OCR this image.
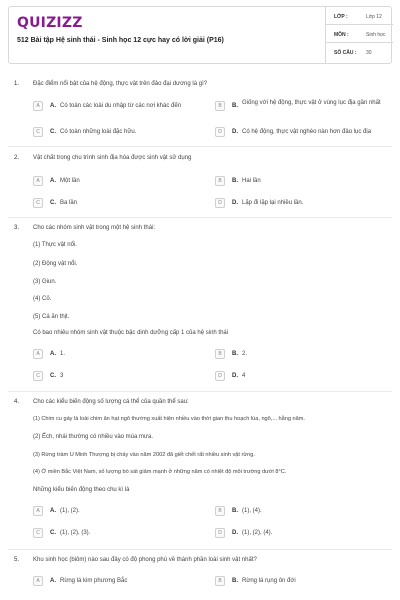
QUIZIZZ
512 Bài tập Hệ sinh thái - Sinh học 12 cực hay có lời giải (P16)
LỚP :	Lớp 12
MÔN :	Sinh học
SỐ CÂU : 30
1. Đặc điểm nổi bật của hệ động, thực vật trên đảo đại dương là gì?
A	A. Có toàn các loài du nhập từ các nơi khác đến	B	B. Giống với hệ động, thực vật ở vùng lục địa gần nhất
C	C. Có toàn những loài đặc hữu.	D	D. Có hệ động, thực vật nghèo nàn hơn đảo lục địa
2. Vật chất trong chu trình sinh địa hóa được sinh vật sử dụng
A	A. Một lần	B	B. Hai lần
C	C. Ba lần	D	D. Lặp đi lặp lại nhiều lần.
3. Cho các nhóm sinh vật trong một hệ sinh thái:
(1) Thực vật nổi.
(2) Động vật nổi.
(3) Giun.
(4) Cỏ.
(5) Cá ăn thịt.
Có bao nhiêu nhóm sinh vật thuộc bậc dinh dưỡng cấp 1 của hệ sinh thái
A	A. 1.	B	B. 2.
C	C. 3	D	D. 4
4. Cho các kiểu biến động số lượng cá thể của quần thể sau:
(1) Chim cu gáy là loài chim ăn hạt ngô thường xuất hiện nhiều vào thời gian thu hoạch lúa, ngô,... hằng năm.
(2) Ếch, nhái thường có nhiều vào mùa mưa.
(3) Rừng tràm U Minh Thượng bị cháy vào năm 2002 đã giết chết rất nhiều sinh vật rừng.
(4) Ở miền Bắc Việt Nam, số lượng bò sát giảm mạnh ở những năm có nhiệt độ môi trường dưới 8°C.
Những kiểu biến động theo chu kì là
A	A. (1), (2).	B	B. (1), (4).
C	C. (1), (2), (3).	D	D. (1), (2), (4).
5. Khu sinh học (biôm) nào sau đây có độ phong phú về thành phần loài sinh vật nhất?
A	A. Rừng lá kim phương Bắc	B	B. Rừng lá rụng ôn đới
